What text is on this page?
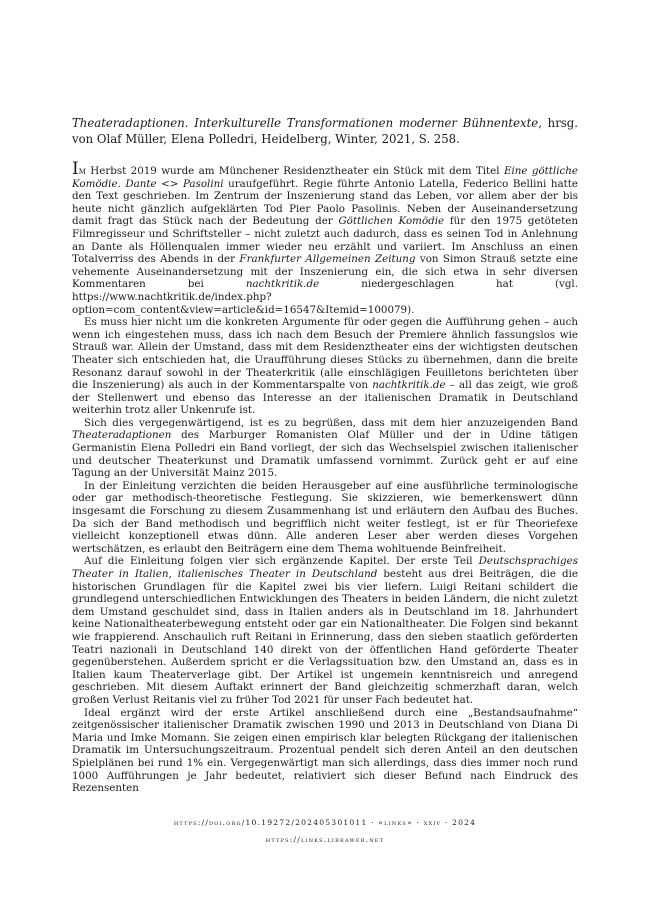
Theateradaptionen. Interkulturelle Transformationen moderner Bühnentexte, hrsg. von Olaf Müller, Elena Polledri, Heidelberg, Winter, 2021, S. 258.

Im Herbst 2019 wurde am Münchener Residenztheater ein Stück mit dem Titel Eine göttliche Komödie. Dante <> Pasolini uraufgeführt. Regie führte Antonio Latella, Federico Bellini hatte den Text geschrieben. Im Zentrum der Inszenierung stand das Leben, vor allem aber der bis heute nicht gänzlich aufgeklärten Tod Pier Paolo Pasolinis. Neben der Auseinandersetzung damit fragt das Stück nach der Bedeutung der Göttlichen Komödie für den 1975 getöteten Filmregisseur und Schriftsteller – nicht zuletzt auch dadurch, dass es seinen Tod in Anlehnung an Dante als Höllenqualen immer wieder neu erzählt und variiert. Im Anschluss an einen Totalverriss des Abends in der Frankfurter Allgemeinen Zeitung von Simon Strauß setzte eine vehemente Auseinandersetzung mit der Inszenierung ein, die sich etwa in sehr diversen Kommentaren bei nachtkritik.de niedergeschlagen hat (vgl. https://www.nachtkritik.de/index.php?option=com_content&view=article&id=16547&Itemid=100079).

Es muss hier nicht um die konkreten Argumente für oder gegen die Aufführung gehen – auch wenn ich eingestehen muss, dass ich nach dem Besuch der Premiere ähnlich fassungslos wie Strauß war. Allein der Umstand, dass mit dem Residenztheater eins der wichtigsten deutschen Theater sich entschieden hat, die Uraufführung dieses Stücks zu übernehmen, dann die breite Resonanz darauf sowohl in der Theaterkritik (alle einschlägigen Feuilletons berichteten über die Inszenierung) als auch in der Kommentarspalte von nachtkritik.de – all das zeigt, wie groß der Stellenwert und ebenso das Interesse an der italienischen Dramatik in Deutschland weiterhin trotz aller Unkenrufe ist.

Sich dies vergegenwärtigend, ist es zu begrüßen, dass mit dem hier anzuzeigenden Band Theateradaptionen des Marburger Romanisten Olaf Müller und der in Udine tätigen Germanistin Elena Polledri ein Band vorliegt, der sich das Wechselspiel zwischen italienischer und deutscher Theaterkunst und Dramatik umfassend vornimmt. Zurück geht er auf eine Tagung an der Universität Mainz 2015.

In der Einleitung verzichten die beiden Herausgeber auf eine ausführliche terminologische oder gar methodisch-theoretische Festlegung. Sie skizzieren, wie bemerkenswert dünn insgesamt die Forschung zu diesem Zusammenhang ist und erläutern den Aufbau des Buches. Da sich der Band methodisch und begrifflich nicht weiter festlegt, ist er für Theoriefexe vielleicht konzeptionell etwas dünn. Alle anderen Leser aber werden dieses Vorgehen wertschätzen, es erlaubt den Beiträgern eine dem Thema wohltuende Beinfreiheit.

Auf die Einleitung folgen vier sich ergänzende Kapitel. Der erste Teil Deutschsprachiges Theater in Italien, italienisches Theater in Deutschland besteht aus drei Beiträgen, die die historischen Grundlagen für die Kapitel zwei bis vier liefern. Luigi Reitani schildert die grundlegend unterschiedlichen Entwicklungen des Theaters in beiden Ländern, die nicht zuletzt dem Umstand geschuldet sind, dass in Italien anders als in Deutschland im 18. Jahrhundert keine Nationaltheaterbewegung entsteht oder gar ein Nationaltheater. Die Folgen sind bekannt wie frappierend. Anschaulich ruft Reitani in Erinnerung, dass den sieben staatlich geförderten Teatri nazionali in Deutschland 140 direkt von der öffentlichen Hand geförderte Theater gegenüberstehen. Außerdem spricht er die Verlagssituation bzw. den Umstand an, dass es in Italien kaum Theaterverlage gibt. Der Artikel ist ungemein kenntnisreich und anregend geschrieben. Mit diesem Auftakt erinnert der Band gleichzeitig schmerzhaft daran, welch großen Verlust Reitanis viel zu früher Tod 2021 für unser Fach bedeutet hat.

Ideal ergänzt wird der erste Artikel anschließend durch eine „Bestandsaufnahme“ zeitgenössischer italienischer Dramatik zwischen 1990 und 2013 in Deutschland von Diana Di Maria und Imke Momann. Sie zeigen einen empirisch klar belegten Rückgang der italienischen Dramatik im Untersuchungszeitraum. Prozentual pendelt sich deren Anteil an den deutschen Spielplänen bei rund 1% ein. Vergegenwärtigt man sich allerdings, dass dies immer noch rund 1000 Aufführungen je Jahr bedeutet, relativiert sich dieser Befund nach Eindruck des Rezensenten

https://doi.org/10.19272/202405301011 · «links» · xxiv · 2024
https://links.libraweb.net
